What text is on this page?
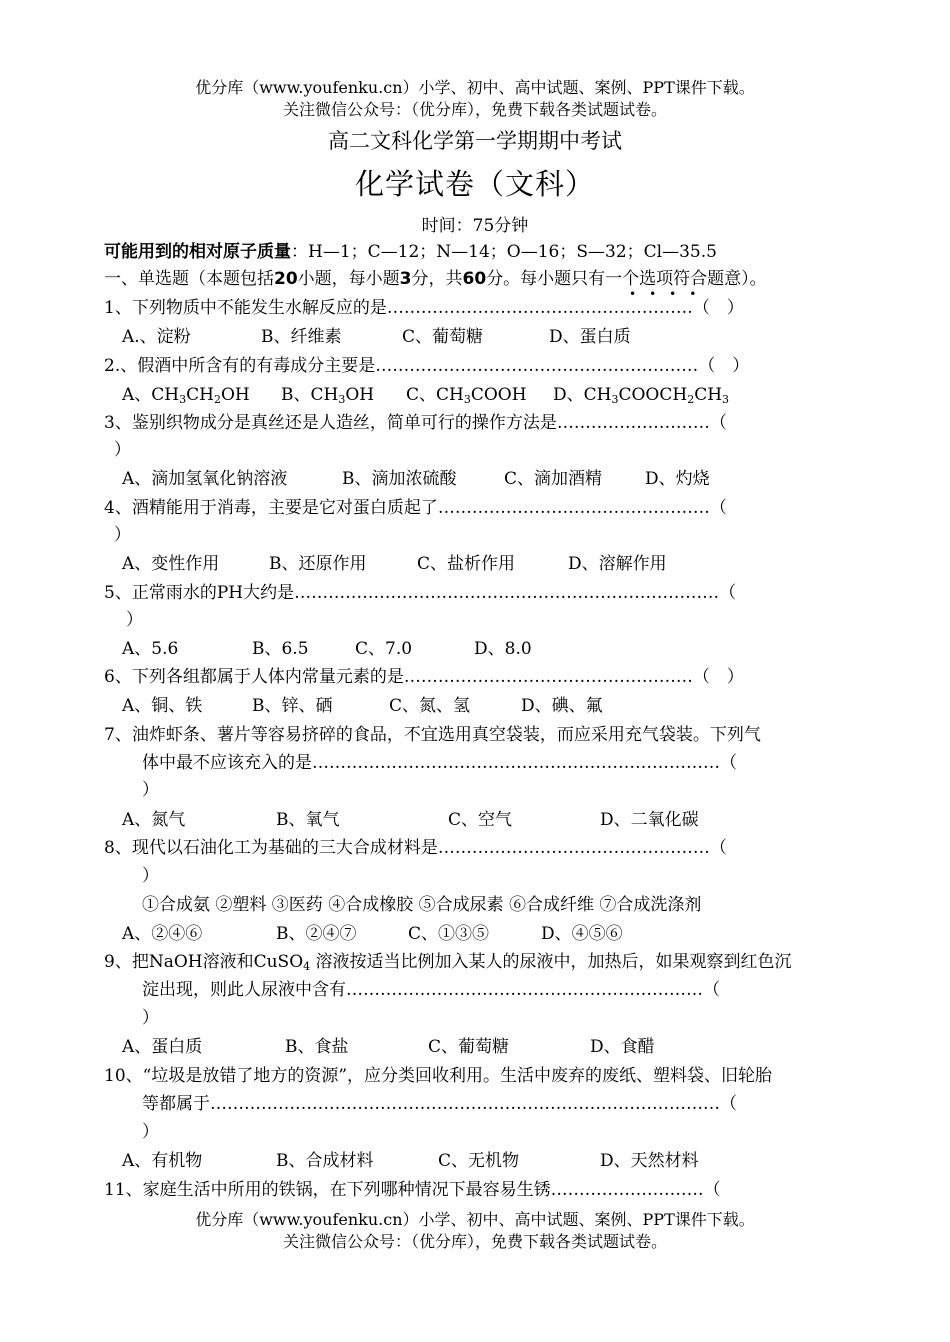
优分库（www.youfenku.cn）小学、初中、高中试题、案例、PPT课件下载。
关注微信公众号：（优分库），免费下载各类试题试卷。
高二文科化学第一学期期中考试
化学试卷（文科）
时间：75分钟
可能用到的相对原子质量：H—1；C—12；N—14；O—16；S—32；Cl—35.5
一、单选题（本题包括20小题，每小题3分，共60分。每小题只有一个选项符合题意）。
••••
1、下列物质中不能发生水解反应的是………………………………………………（　）
A.、淀粉	B、纤维素	C、葡萄糖	D、蛋白质
2.、假酒中所含有的有毒成分主要是…………………………………………………（　）
A、$CH_3CH_2OH$ B、$CH_3OH$ C、$CH_3COOH$ D、$CH_3COOCH_2CH_3$
3、鉴别织物成分是真丝还是人造丝，简单可行的操作方法是………………………（
）
A、滴加氢氧化钠溶液	B、滴加浓硫酸	C、滴加酒精	D、灼烧
4、酒精能用于消毒，主要是它对蛋白质起了…………………………………………（
）
A、变性作用	B、还原作用	C、盐析作用	D、溶解作用
5、正常雨水的PH大约是…………………………………………………………………（
）
A、5.6	B、6.5	C、7.0	D、8.0
6、下列各组都属于人体内常量元素的是……………………………………………（　）
A、铜、铁	B、锌、硒	C、氮、氢	D、碘、氟
7、油炸虾条、薯片等容易挤碎的食品，不宜选用真空袋装，而应采用充气袋装。下列气
体中最不应该充入的是………………………………………………………………（
）
A、氮气	B、氧气	C、空气	D、二氧化碳
8、现代以石油化工为基础的三大合成材料是…………………………………………（
）
①合成氨 ②塑料 ③医药 ④合成橡胶 ⑤合成尿素 ⑥合成纤维 ⑦合成洗涤剂
A、②④⑥	B、②④⑦	C、①③⑤	D、④⑤⑥
9、把NaOH溶液和CuSO$_4$ 溶液按适当比例加入某人的尿液中，加热后，如果观察到红色沉
淀出现，则此人尿液中含有………………………………………………………（
）
A、蛋白质	B、食盐	C、葡萄糖	D、食醋
10、“垃圾是放错了地方的资源”，应分类回收利用。生活中废弃的废纸、塑料袋、旧轮胎
等都属于………………………………………………………………………………（
）
A、有机物	B、合成材料	C、无机物	D、天然材料
11、家庭生活中所用的铁锅，在下列哪种情况下最容易生锈………………………（
优分库（www.youfenku.cn）小学、初中、高中试题、案例、PPT课件下载。
关注微信公众号：（优分库），免费下载各类试题试卷。
